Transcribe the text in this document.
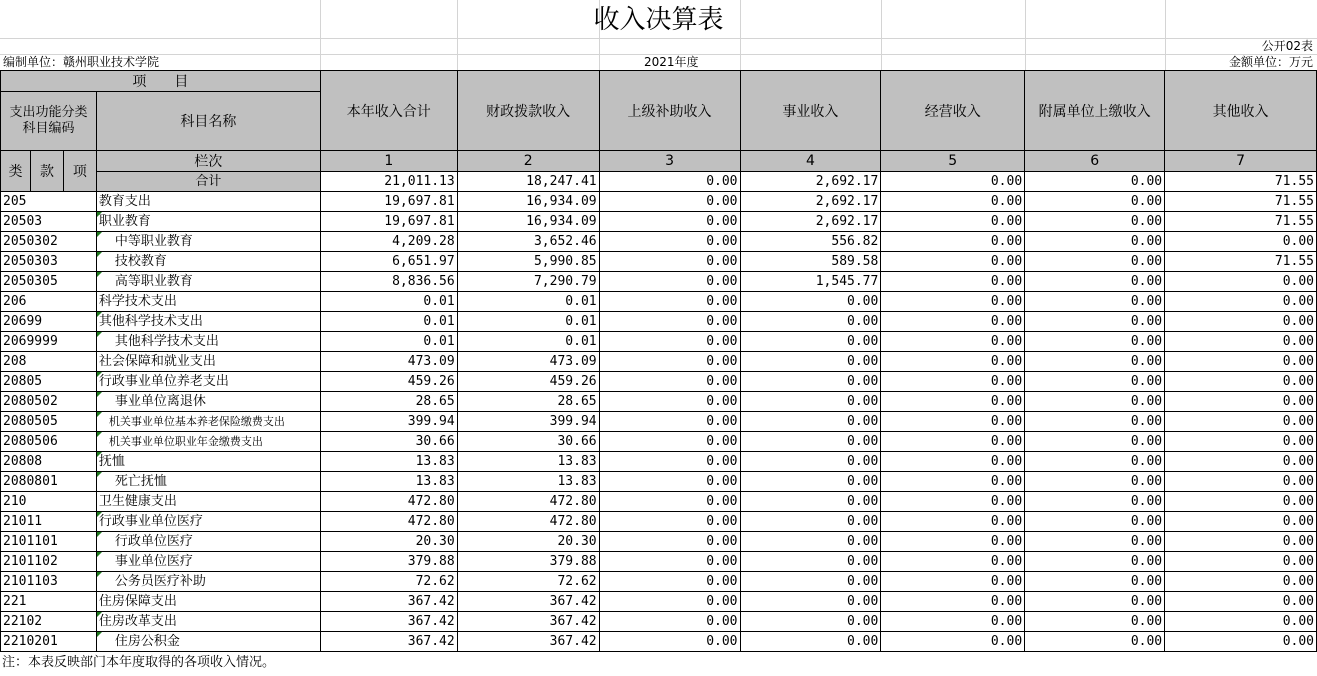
收入决算表
公开02表
编制单位：赣州职业技术学院	2021年度	金额单位：万元
项　　目				本年收入合计	财政拨款收入	上级补助收入	事业收入	经营收入	附属单位上缴收入	其他收入
支出功能分类科目编码			科目名称							
类	款	项	栏次	1	2	3	4	5	6	7
			合计	21,011.13	18,247.41	0.00	2,692.17	0.00	0.00	71.55
205			教育支出	19,697.81	16,934.09	0.00	2,692.17	0.00	0.00	71.55
20503			职业教育	19,697.81	16,934.09	0.00	2,692.17	0.00	0.00	71.55
2050302			中等职业教育	4,209.28	3,652.46	0.00	556.82	0.00	0.00	0.00
2050303			技校教育	6,651.97	5,990.85	0.00	589.58	0.00	0.00	71.55
2050305			高等职业教育	8,836.56	7,290.79	0.00	1,545.77	0.00	0.00	0.00
206			科学技术支出	0.01	0.01	0.00	0.00	0.00	0.00	0.00
20699			其他科学技术支出	0.01	0.01	0.00	0.00	0.00	0.00	0.00
2069999			其他科学技术支出	0.01	0.01	0.00	0.00	0.00	0.00	0.00
208			社会保障和就业支出	473.09	473.09	0.00	0.00	0.00	0.00	0.00
20805			行政事业单位养老支出	459.26	459.26	0.00	0.00	0.00	0.00	0.00
2080502			事业单位离退休	28.65	28.65	0.00	0.00	0.00	0.00	0.00
2080505			机关事业单位基本养老保险缴费支出	399.94	399.94	0.00	0.00	0.00	0.00	0.00
2080506			机关事业单位职业年金缴费支出	30.66	30.66	0.00	0.00	0.00	0.00	0.00
20808			抚恤	13.83	13.83	0.00	0.00	0.00	0.00	0.00
2080801			死亡抚恤	13.83	13.83	0.00	0.00	0.00	0.00	0.00
210			卫生健康支出	472.80	472.80	0.00	0.00	0.00	0.00	0.00
21011			行政事业单位医疗	472.80	472.80	0.00	0.00	0.00	0.00	0.00
2101101			行政单位医疗	20.30	20.30	0.00	0.00	0.00	0.00	0.00
2101102			事业单位医疗	379.88	379.88	0.00	0.00	0.00	0.00	0.00
2101103			公务员医疗补助	72.62	72.62	0.00	0.00	0.00	0.00	0.00
221			住房保障支出	367.42	367.42	0.00	0.00	0.00	0.00	0.00
22102			住房改革支出	367.42	367.42	0.00	0.00	0.00	0.00	0.00
2210201			住房公积金	367.42	367.42	0.00	0.00	0.00	0.00	0.00
注：本表反映部门本年度取得的各项收入情况。
